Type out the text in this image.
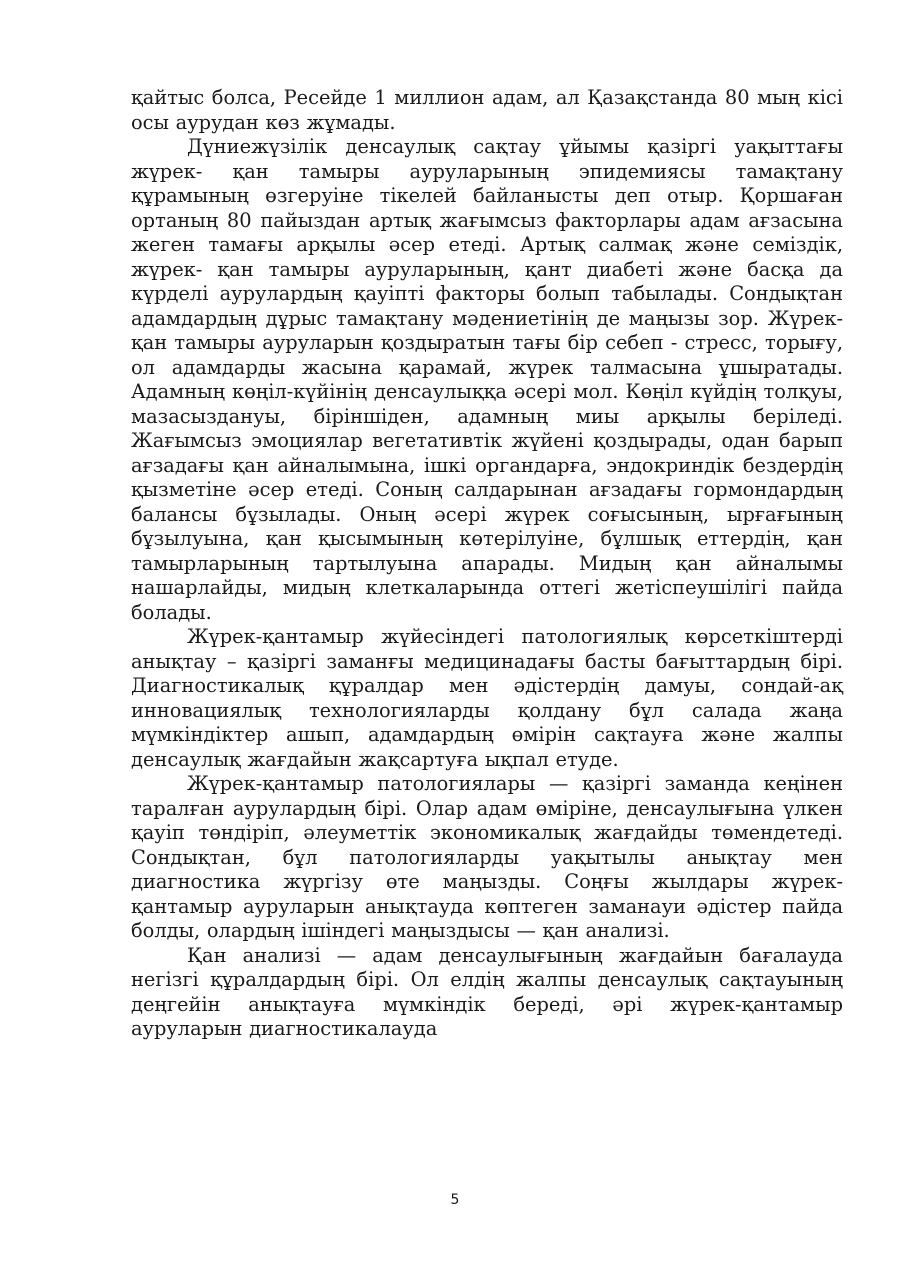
қайтыс болса, Ресейде 1 миллион адам, ал Қазақстанда 80 мың кісі осы аурудан көз жұмады.

Дүниежүзілік денсаулық сақтау ұйымы қазіргі уақыттағы жүрек- қан тамыры ауруларының эпидемиясы тамақтану құрамының өзгеруіне тікелей байланысты деп отыр. Қоршаған ортаның 80 пайыздан артық жағымсыз факторлары адам ағзасына жеген тамағы арқылы әсер етеді. Артық салмақ және семіздік, жүрек- қан тамыры ауруларының, қант диабеті және басқа да күрделі аурулардың қауіпті факторы болып табылады. Сондықтан адамдардың дұрыс тамақтану мәдениетінің де маңызы зор. Жүрек-қан тамыры ауруларын қоздыратын тағы бір себеп - стресс, торығу, ол адамдарды жасына қарамай, жүрек талмасына ұшыратады. Адамның көңіл-күйінің денсаулыққа әсері мол. Көңіл күйдің толқуы, мазасыздануы, біріншіден, адамның миы арқылы беріледі. Жағымсыз эмоциялар вегетативтік жүйені қоздырады, одан барып ағзадағы қан айналымына, ішкі органдарға, эндокриндік бездердің қызметіне әсер етеді. Соның салдарынан ағзадағы гормондардың балансы бұзылады. Оның әсері жүрек соғысының, ырғағының бұзылуына, қан қысымының көтерілуіне, бұлшық еттердің, қан тамырларының тартылуына апарады. Мидың қан айналымы нашарлайды, мидың клеткаларында оттегі жетіспеушілігі пайда болады.

Жүрек-қантамыр жүйесіндегі патологиялық көрсеткіштерді анықтау – қазіргі заманғы медицинадағы басты бағыттардың бірі. Диагностикалық құралдар мен әдістердің дамуы, сондай-ақ инновациялық технологияларды қолдану бұл салада жаңа мүмкіндіктер ашып, адамдардың өмірін сақтауға және жалпы денсаулық жағдайын жақсартуға ықпал етуде.

Жүрек-қантамыр патологиялары — қазіргі заманда кеңінен таралған аурулардың бірі. Олар адам өміріне, денсаулығына үлкен қауіп төндіріп, әлеуметтік экономикалық жағдайды төмендетеді. Сондықтан, бұл патологияларды уақытылы анықтау мен диагностика жүргізу өте маңызды. Соңғы жылдары жүрек-қантамыр ауруларын анықтауда көптеген заманауи әдістер пайда болды, олардың ішіндегі маңыздысы — қан анализі.

Қан анализі — адам денсаулығының жағдайын бағалауда негізгі құралдардың бірі. Ол елдің жалпы денсаулық сақтауының деңгейін анықтауға мүмкіндік береді, әрі жүрек-қантамыр ауруларын диагностикалауда

5
